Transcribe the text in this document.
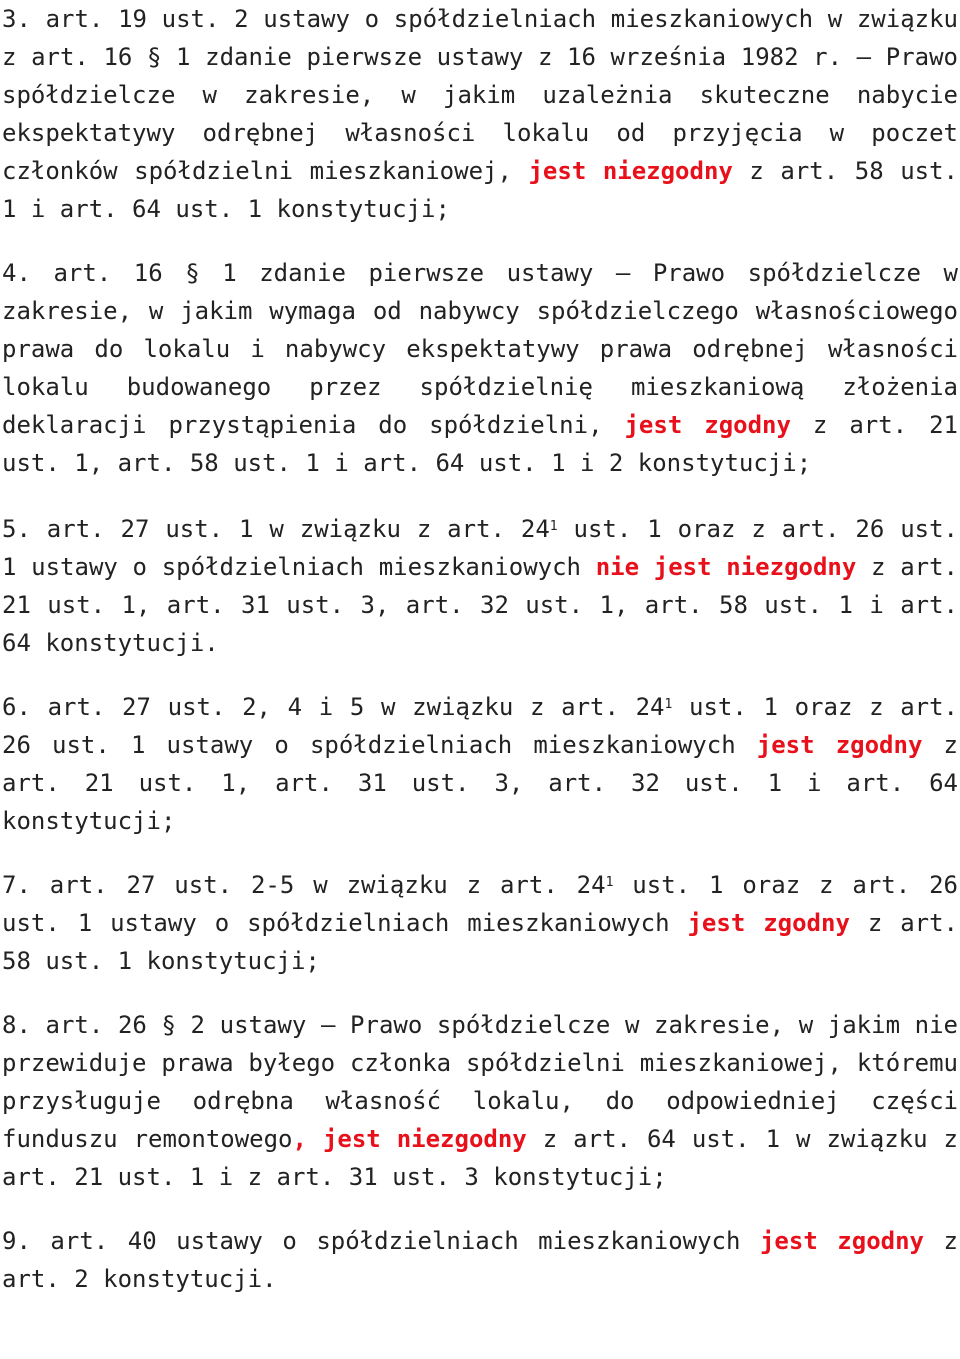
3. art. 19 ust. 2 ustawy o spółdzielniach mieszkaniowych w związku z art. 16 § 1 zdanie pierwsze ustawy z 16 września 1982 r. – Prawo spółdzielcze w zakresie, w jakim uzależnia skuteczne nabycie ekspektatywy odrębnej własności lokalu od przyjęcia w poczet członków spółdzielni mieszkaniowej, jest niezgodny z art. 58 ust. 1 i art. 64 ust. 1 konstytucji;

4. art. 16 § 1 zdanie pierwsze ustawy – Prawo spółdzielcze w zakresie, w jakim wymaga od nabywcy spółdzielczego własnościowego prawa do lokalu i nabywcy ekspektatywy prawa odrębnej własności lokalu budowanego przez spółdzielnię mieszkaniową złożenia deklaracji przystąpienia do spółdzielni, jest zgodny z art. 21 ust. 1, art. 58 ust. 1 i art. 64 ust. 1 i 2 konstytucji;

5. art. 27 ust. 1 w związku z art. $24^1$ ust. 1 oraz z art. 26 ust. 1 ustawy o spółdzielniach mieszkaniowych nie jest niezgodny z art. 21 ust. 1, art. 31 ust. 3, art. 32 ust. 1, art. 58 ust. 1 i art. 64 konstytucji.

6. art. 27 ust. 2, 4 i 5 w związku z art. $24^1$ ust. 1 oraz z art. 26 ust. 1 ustawy o spółdzielniach mieszkaniowych jest zgodny z art. 21 ust. 1, art. 31 ust. 3, art. 32 ust. 1 i art. 64 konstytucji;

7. art. 27 ust. 2-5 w związku z art. $24^1$ ust. 1 oraz z art. 26 ust. 1 ustawy o spółdzielniach mieszkaniowych jest zgodny z art. 58 ust. 1 konstytucji;

8. art. 26 § 2 ustawy – Prawo spółdzielcze w zakresie, w jakim nie przewiduje prawa byłego członka spółdzielni mieszkaniowej, któremu przysługuje odrębna własność lokalu, do odpowiedniej części funduszu remontowego, jest niezgodny z art. 64 ust. 1 w związku z art. 21 ust. 1 i z art. 31 ust. 3 konstytucji;

9. art. 40 ustawy o spółdzielniach mieszkaniowych jest zgodny z art. 2 konstytucji.
